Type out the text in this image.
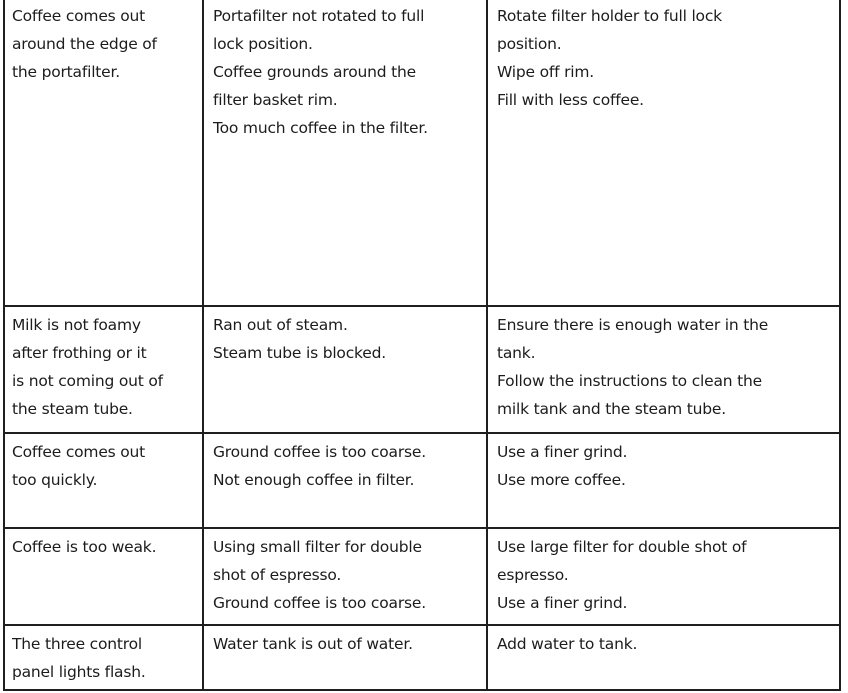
Coffee comes out
around the edge of
the portafilter.
Portafilter not rotated to full
lock position.
Coffee grounds around the
filter basket rim.
Too much coffee in the filter.
Rotate filter holder to full lock
position.
Wipe off rim.
Fill with less coffee.
Milk is not foamy
after frothing or it
is not coming out of
the steam tube.
Ran out of steam.
Steam tube is blocked.
Ensure there is enough water in the
tank.
Follow the instructions to clean the
milk tank and the steam tube.
Coffee comes out
too quickly.
Ground coffee is too coarse.
Not enough coffee in filter.
Use a finer grind.
Use more coffee.
Coffee is too weak.	Using small filter for double
shot of espresso.
Ground coffee is too coarse.
Use large filter for double shot of
espresso.
Use a finer grind.
The three control
panel lights flash.
Water tank is out of water.	Add water to tank.
